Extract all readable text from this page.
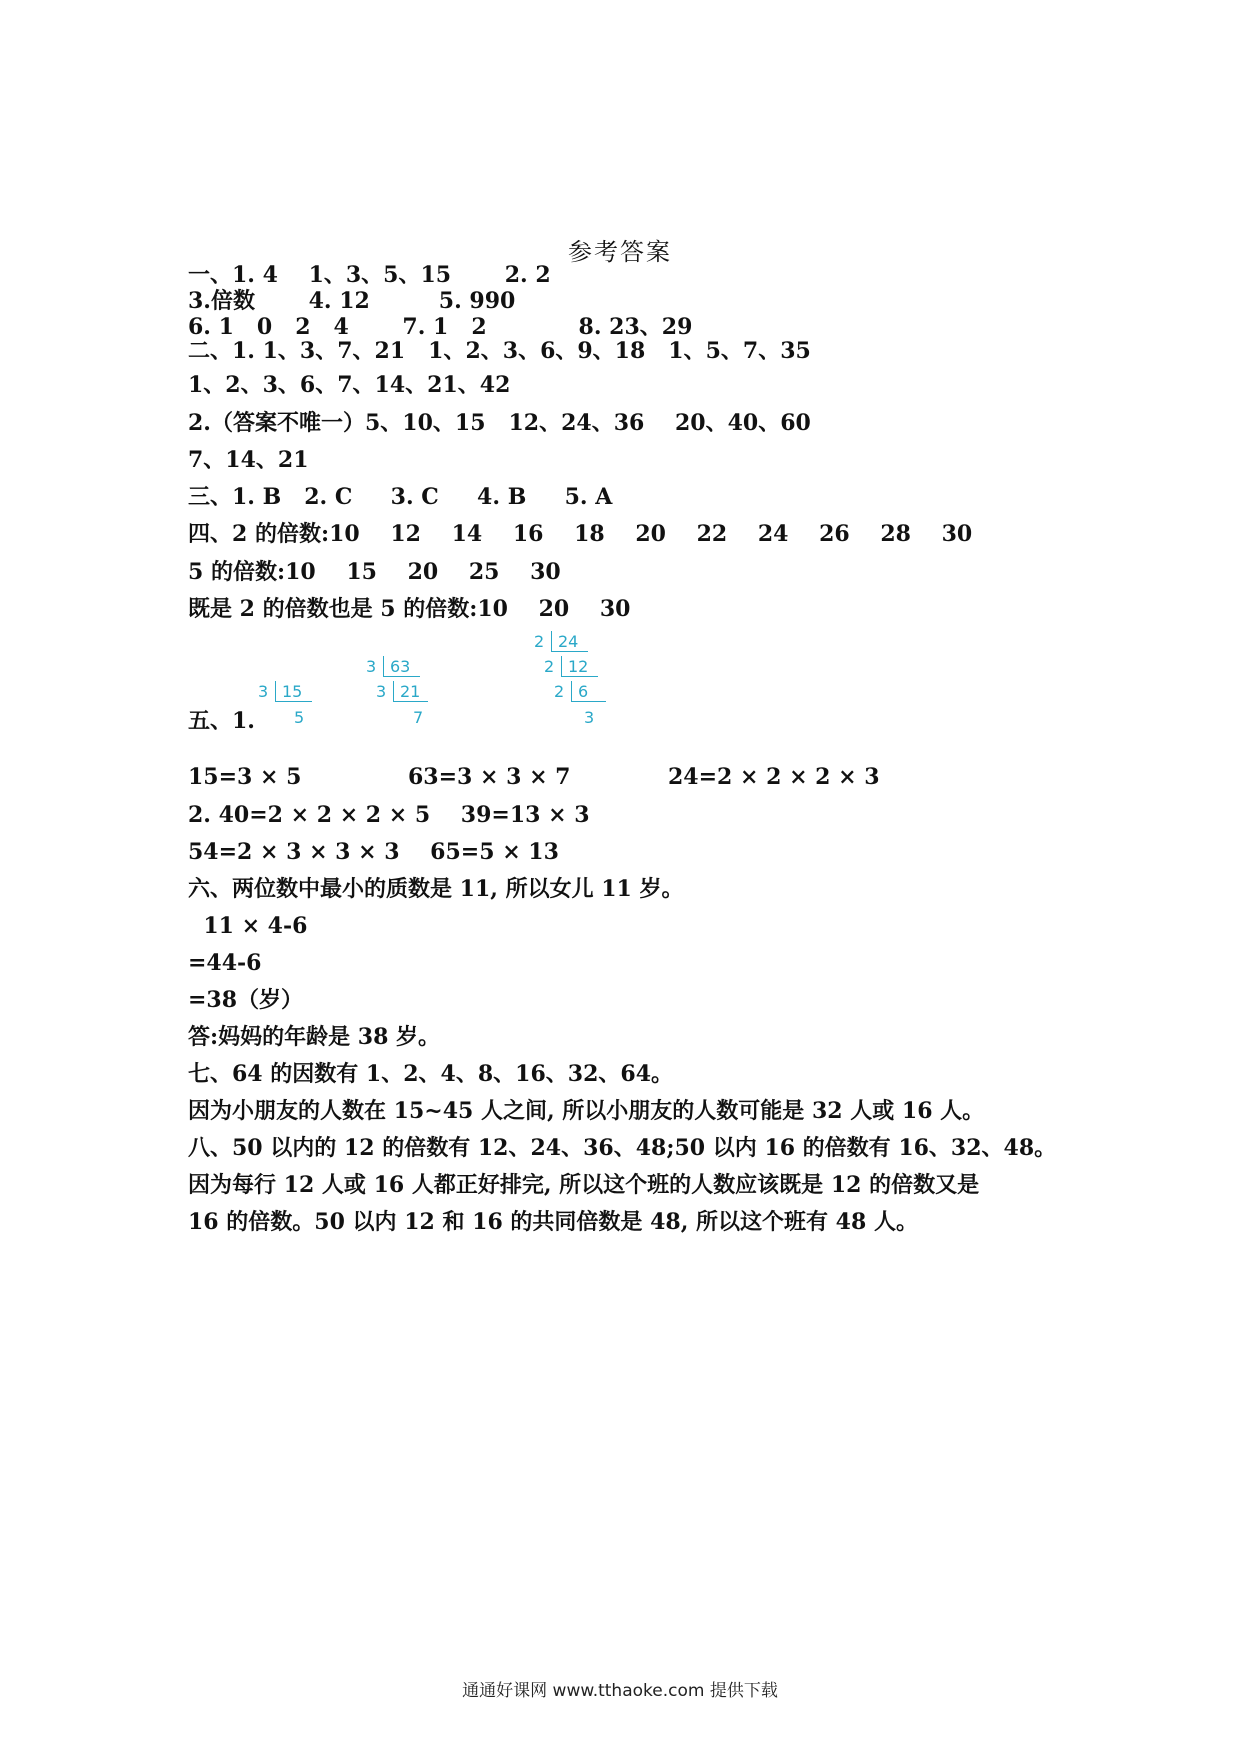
参考答案
一、1. 4    1、3、5、15       2. 2
3.倍数       4. 12         5. 990
6. 1   0   2   4       7. 1   2            8. 23、29
二、1. 1、3、7、21   1、2、3、6、9、18   1、5、7、35
1、2、3、6、7、14、21、42
2.（答案不唯一）5、10、15   12、24、36    20、40、60
7、14、21
三、1. B   2. C     3. C     4. B     5. A
四、2 的倍数:10    12    14    16    18    20    22    24    26    28    30
5 的倍数:10    15    20    25    30
既是 2 的倍数也是 5 的倍数:10    20    30
3 15
5
3 63
3 21
7
2 24
2 12
2 6
3
五、1.
15=3 × 5	63=3 × 3 × 7	24=2 × 2 × 2 × 3
2. 40=2 × 2 × 2 × 5    39=13 × 3
54=2 × 3 × 3 × 3    65=5 × 13
六、两位数中最小的质数是 11, 所以女儿 11 岁。
11 × 4-6
=44-6
=38（岁）
答:妈妈的年龄是 38 岁。
七、64 的因数有 1、2、4、8、16、32、64。
因为小朋友的人数在 15~45 人之间, 所以小朋友的人数可能是 32 人或 16 人。
八、50 以内的 12 的倍数有 12、24、36、48;50 以内 16 的倍数有 16、32、48。
因为每行 12 人或 16 人都正好排完, 所以这个班的人数应该既是 12 的倍数又是
16 的倍数。50 以内 12 和 16 的共同倍数是 48, 所以这个班有 48 人。
通通好课网 www.tthaoke.com 提供下载
